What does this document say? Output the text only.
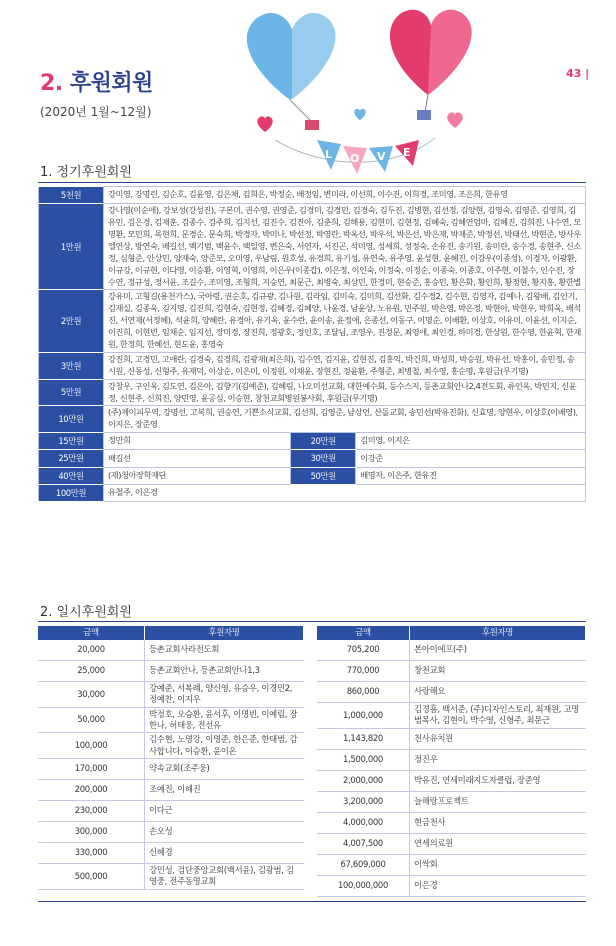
L O V E
2. 후원회원
(2020년 1월~12월)
43 |
1. 정기후원회원
5천원	강미영, 강명린, 김순호, 김윤영, 김은채, 김희은, 박정순, 배정임, 변미라, 이선희, 이수진, 이희경, 조미영, 조은희, 한유영		
1만원	강나영(이순애), 강보성(강성진), 구본미, 권수영, 권영준, 김경미, 김경민, 김경숙, 김두진, 김병현, 김선정, 김양현, 김영숙, 김영준, 김영희, 김유민, 김은경, 김재훈, 김종수, 김주희, 김지선, 김진수, 김진아, 김춘희, 김해용, 김현미, 김현정, 김혜숙, 김혜연엄마, 김혜진, 김희진, 나수연, 모명환, 모민희, 목현희, 문경순, 문숙희, 박경자, 박미나, 박선정, 박영란, 박옥선, 박우석, 박은선, 박은재, 박재준, 박정선, 박태선, 박현준, 방사우엘연상, 방연숙, 배길선, 백기범, 백윤수, 백일영, 변은숙, 서연자, 서진곤, 석미영, 성세희, 성정숙, 손유진, 송기원, 송미란, 송수경, 송현주, 신소정, 심형준, 안상민, 양재숙, 양준모, 오미영, 우남림, 원호성, 유경희, 유기성, 유연숙, 유주영, 윤성현, 윤혜진, 이강우(이종성), 이경자, 이광환, 이규강, 이규현, 이다영, 이승환, 이영혁, 이영희, 이은우(이종갑), 이은정, 이인숙, 이정숙, 이정순, 이종숙, 이종호, 이주현, 이철수, 인수진, 장수연, 정규성, 정서윤, 조길수, 조미영, 조형희, 지승연, 최문근, 최병숙, 최상민, 한경미, 현승준, 홍승민, 황은화, 황인희, 황정현, 황지홍, 황한별		
2만원	강유미, 고형길(용천가스), 국아령, 권순호, 김규광, 김나원, 김라임, 김미숙, 김미희, 김선화, 김수경2, 김수현, 김영자, 김예나, 김왕배, 김인기, 김재실, 김종욱, 김지영, 김진희, 김현숙, 김현정, 김혜경, 김혜양, 나윤경, 남윤상, 노유원, 민주원, 박은영, 박은정, 박현아, 박현우, 박희욱, 배석진, 서연재(서정혜), 석윤희, 양혜란, 유경아, 유기옥, 윤수란, 윤이송, 윤정애, 은종선, 이동구, 이명순, 이배환, 이상호, 이유미, 이윤선, 이지순, 이진희, 이현빈, 임채순, 임지선, 장미경, 장진희, 정광호, 정인호, 조달님, 조영우, 진정문, 최영애, 최인경, 하미경, 한상원, 한수영, 한윤혁, 한재원, 한정희, 한혜선, 현도윤, 홍영숙		
3만원	강진희, 고경민, 고애란, 김경숙, 김경희, 김광재(최은희), 김수연, 김지윤, 김현진, 김홍익, 박건희, 박성희, 박승원, 박유선, 박홍이, 송민정, 송시원, 신동성, 신형주, 유재덕, 이상순, 이은미, 이정원, 이채윤, 장현진, 정윤환, 주형준, 최병철, 최수영, 홍순명, 후원금(무기명)		
5만원	강창우, 구인옥, 김도연, 김은아, 김향기(김예준), 김혜림, 나오미선교회, 대한예수회, 등수스지, 등촌교회안나2,4전도회, 류인옥, 박민지, 신윤정, 신현주, 신희진, 양민영, 윤공심, 이승현, 창천교회병원봉사회, 후원금(무기명)		
10만원	(주)제이피무역, 강명선, 고복희, 권승연, 기쁜소식교회, 김선희, 김영준, 남상언, 산돌교회, 송민선(박유진화), 신효명, 양현우, 이상호(이배영), 이지은, 장준영		
15만원	정만희	20만원	김미영, 이지은
25만원	배길선	30만원	이강준
40만원	(재)청아장학재단	50만원	배명자, 이은주, 한유진
100만원	유철주, 이은경		
2. 일시후원회원
금액	후원자명
20,000	등촌교회사라전도회
25,000	등촌교회안나, 등촌교회안나1,3
30,000	강예준, 서복례, 양신영, 유승우, 이경민2, 정예찬, 이지우
50,000	박정호, 오승환, 윤서후, 이명빈, 이예림, 장한나, 허태웅, 전선유
100,000	김수현, 노명강, 이명준, 한은준, 한태범, 감사합니다, 이승환, 윤이온
170,000	약속교회(조주웅)
200,000	조예진, 이혜진
230,000	이다근
300,000	손오성
330,000	신혜경
500,000	강민성, 검단중앙교회(백서윤), 김광범, 김영중, 전주동명교회
금액	후원자명
705,200	본아이에프(주)
770,000	창천교회
860,000	사랑해요
1,000,000	김경흠, 백서준, (주)디자인스토리, 최재원, 고명범목사, 김현이, 박수영, 신형주, 최문근
1,143,820	천사유치원
1,500,000	정진우
2,000,000	박유진, 연세미래지도자클럽, 장준영
3,200,000	늘해랑프로젝트
4,000,000	현금천사
4,007,500	연세의료원
67,609,000	이싹회
100,000,000	이은경
